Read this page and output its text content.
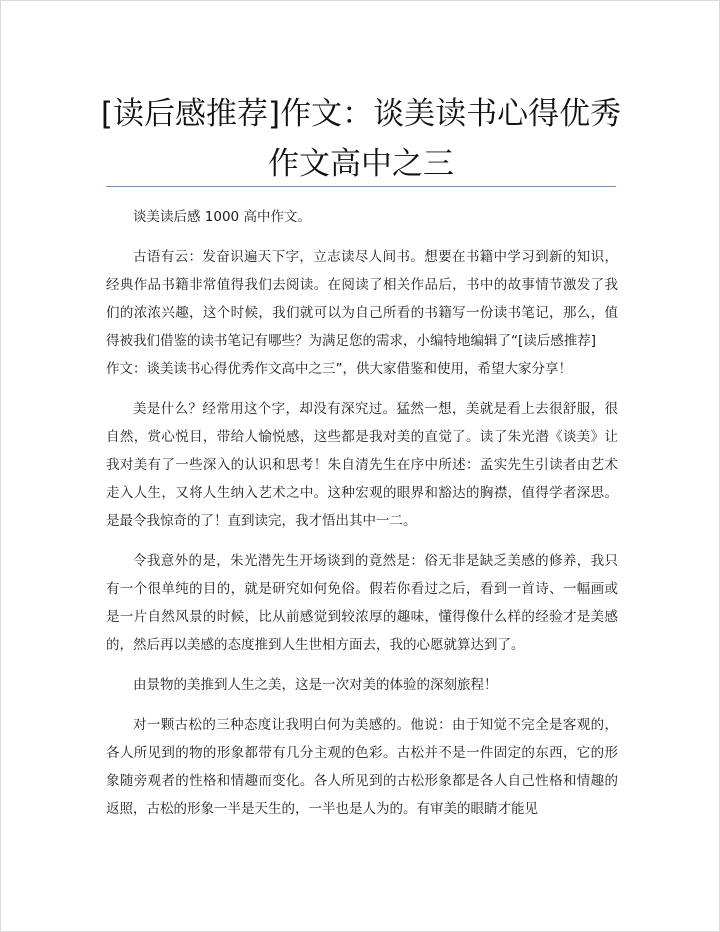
[读后感推荐]作文：谈美读书心得优秀作文高中之三

谈美读后感 1000 高中作文。

古语有云：发奋识遍天下字，立志读尽人间书。想要在书籍中学习到新的知识，经典作品书籍非常值得我们去阅读。在阅读了相关作品后，书中的故事情节激发了我们的浓浓兴趣，这个时候，我们就可以为自己所看的书籍写一份读书笔记，那么，值得被我们借鉴的读书笔记有哪些？为满足您的需求，小编特地编辑了“[读后感推荐]

作文：谈美读书心得优秀作文高中之三”，供大家借鉴和使用，希望大家分享！

美是什么？经常用这个字，却没有深究过。猛然一想，美就是看上去很舒服，很自然，赏心悦目，带给人愉悦感，这些都是我对美的直觉了。读了朱光潜《谈美》让我对美有了一些深入的认识和思考！朱自清先生在序中所述：孟实先生引读者由艺术走入人生，又将人生纳入艺术之中。这种宏观的眼界和豁达的胸襟，值得学者深思。是最令我惊奇的了！直到读完，我才悟出其中一二。

令我意外的是，朱光潜先生开场谈到的竟然是：俗无非是缺乏美感的修养，我只有一个很单纯的目的，就是研究如何免俗。假若你看过之后，看到一首诗、一幅画或是一片自然风景的时候，比从前感觉到较浓厚的趣味，懂得像什么样的经验才是美感的，然后再以美感的态度推到人生世相方面去，我的心愿就算达到了。

由景物的美推到人生之美，这是一次对美的体验的深刻旅程！

对一颗古松的三种态度让我明白何为美感的。他说：由于知觉不完全是客观的，各人所见到的物的形象都带有几分主观的色彩。古松并不是一件固定的东西，它的形象随旁观者的性格和情趣而变化。各人所见到的古松形象都是各人自己性格和情趣的返照，古松的形象一半是天生的，一半也是人为的。有审美的眼睛才能见
